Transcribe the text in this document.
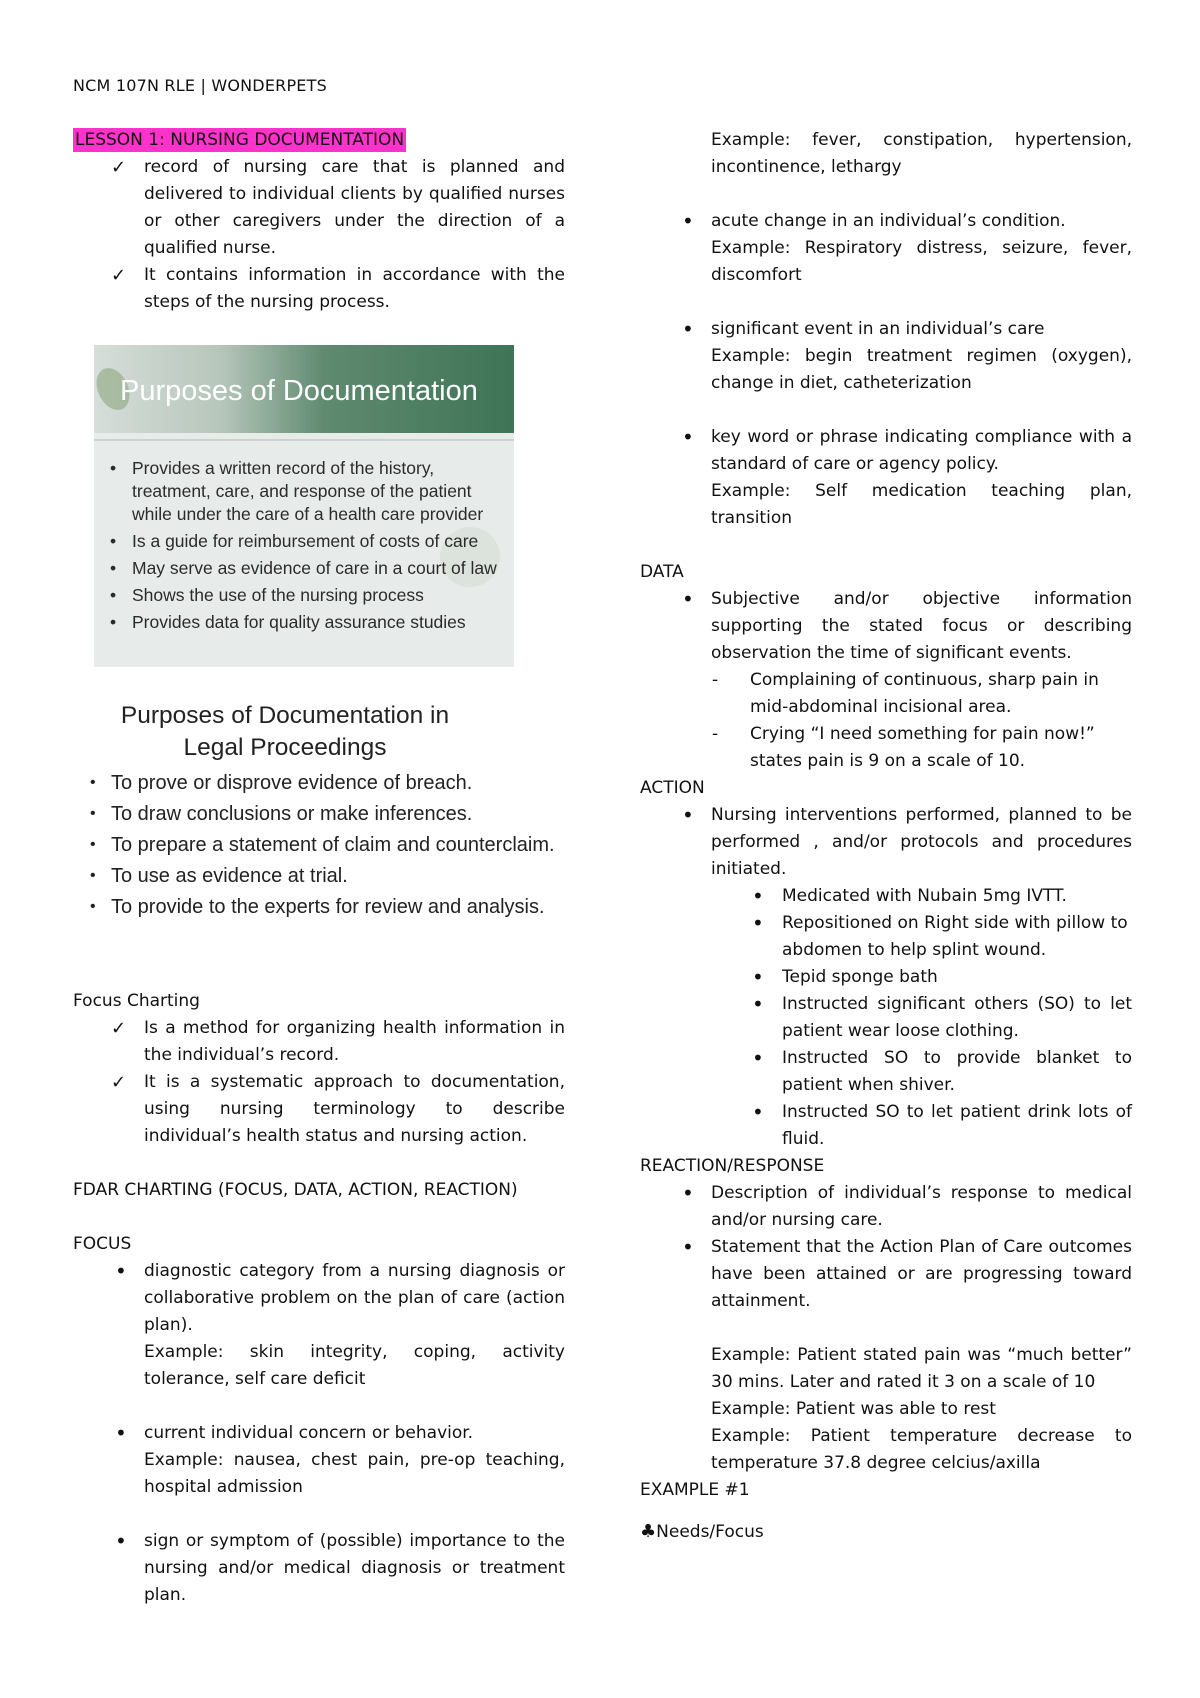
NCM 107N RLE | WONDERPETS

LESSON 1: NURSING DOCUMENTATION

✓ record of nursing care that is planned and delivered to individual clients by qualified nurses or other caregivers under the direction of a qualified nurse.
✓ It contains information in accordance with the steps of the nursing process.
Purposes of Documentation
• Provides a written record of the history, treatment, care, and response of the patient while under the care of a health care provider
• Is a guide for reimbursement of costs of care
• May serve as evidence of care in a court of law
• Shows the use of the nursing process
• Provides data for quality assurance studies
Purposes of Documentation in
Legal Proceedings
• To prove or disprove evidence of breach.
• To draw conclusions or make inferences.
• To prepare a statement of claim and counterclaim.
• To use as evidence at trial.
• To provide to the experts for review and analysis.

Focus Charting

✓ Is a method for organizing health information in the individual’s record.
✓ It is a systematic approach to documentation, using nursing terminology to describe individual’s health status and nursing action.

FDAR CHARTING (FOCUS, DATA, ACTION, REACTION)

FOCUS

• diagnostic category from a nursing diagnosis or collaborative problem on the plan of care (action plan).
Example: skin integrity, coping, activity tolerance, self care deficit
• current individual concern or behavior.
Example: nausea, chest pain, pre-op teaching, hospital admission
• sign or symptom of (possible) importance to the nursing and/or medical diagnosis or treatment plan.
Example: fever, constipation, hypertension, incontinence, lethargy
• acute change in an individual’s condition.
Example: Respiratory distress, seizure, fever, discomfort
• significant event in an individual’s care
Example: begin treatment regimen (oxygen), change in diet, catheterization
• key word or phrase indicating compliance with a standard of care or agency policy.
Example: Self medication teaching plan, transition

DATA

• Subjective and/or objective information supporting the stated focus or describing observation the time of significant events.
- Complaining of continuous, sharp pain in mid-abdominal incisional area.
- Crying “I need something for pain now!” states pain is 9 on a scale of 10.

ACTION

• Nursing interventions performed, planned to be performed , and/or protocols and procedures initiated.
• Medicated with Nubain 5mg IVTT.
• Repositioned on Right side with pillow to abdomen to help splint wound.
• Tepid sponge bath
• Instructed significant others (SO) to let patient wear loose clothing.
• Instructed SO to provide blanket to patient when shiver.
• Instructed SO to let patient drink lots of fluid.

REACTION/RESPONSE

• Description of individual’s response to medical and/or nursing care.
• Statement that the Action Plan of Care outcomes have been attained or are progressing toward attainment.
Example: Patient stated pain was “much better” 30 mins. Later and rated it 3 on a scale of 10
Example: Patient was able to rest
Example: Patient temperature decrease to temperature 37.8 degree celcius/axilla

EXAMPLE #1

♣Needs/Focus
